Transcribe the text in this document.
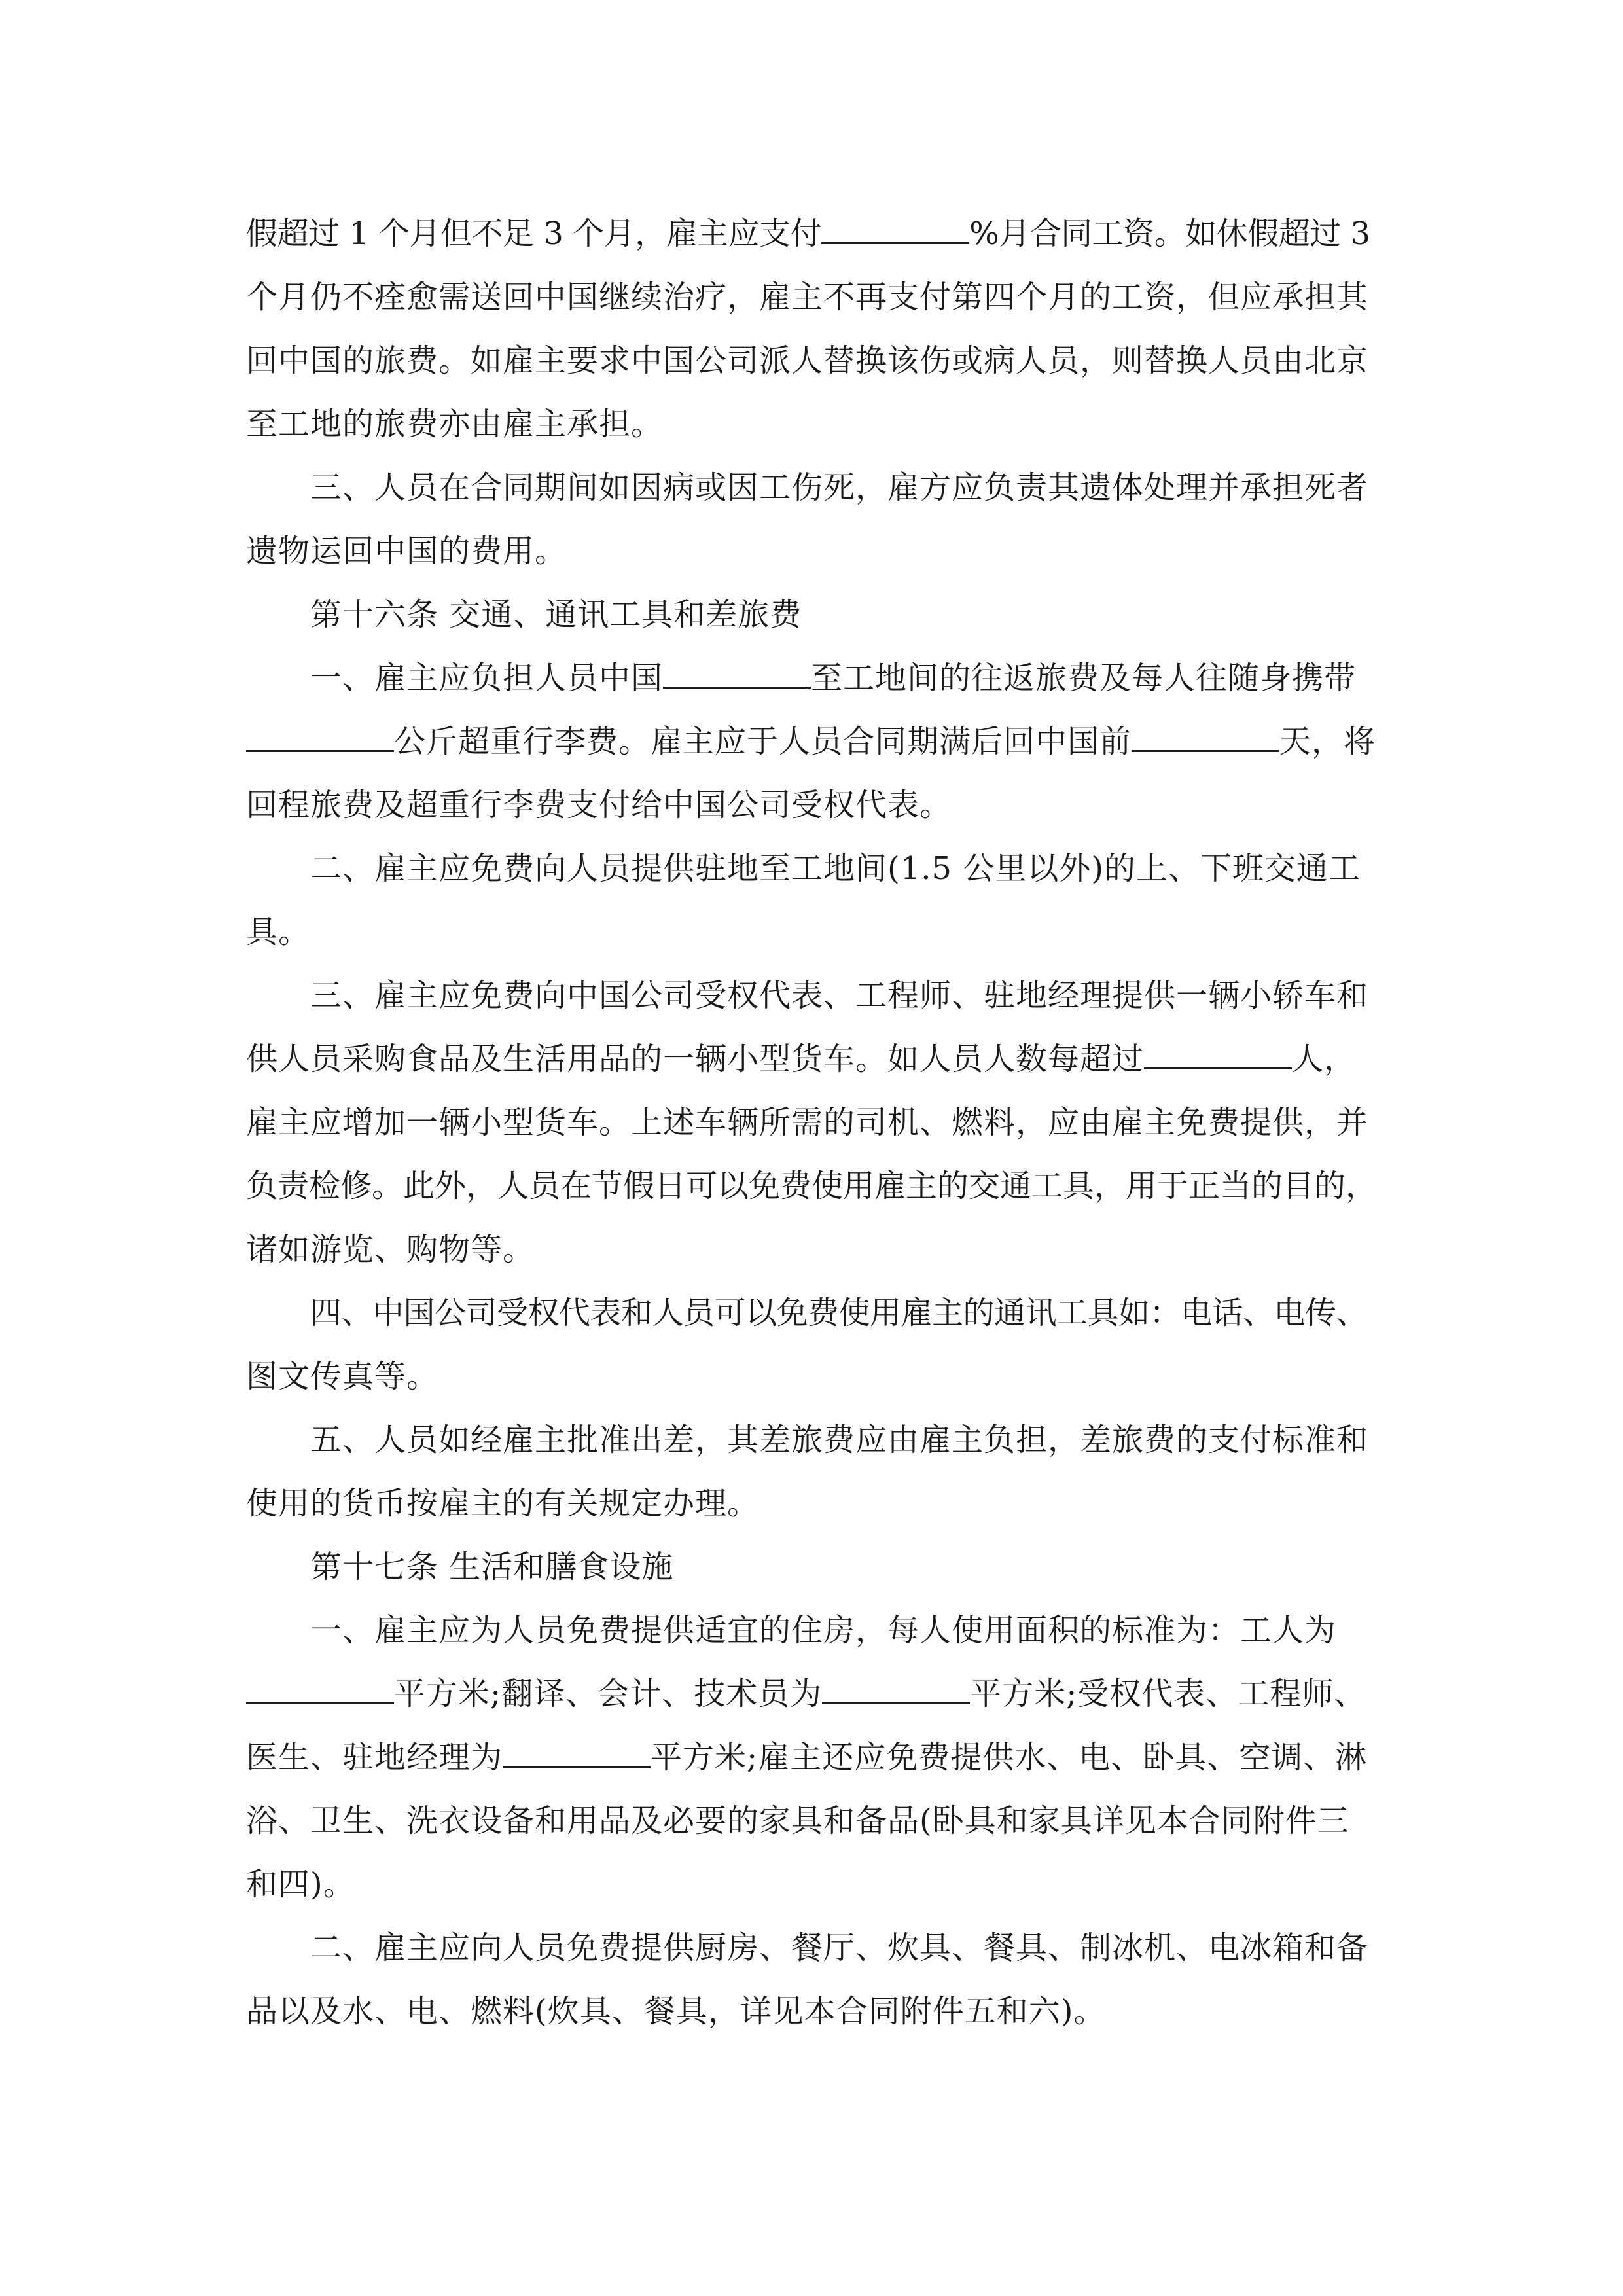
假超过 1 个月但不足 3 个月，雇主应支付	%月合同工资。如休假超过 3
个月仍不痊愈需送回中国继续治疗，雇主不再支付第四个月的工资，但应承担其
回中国的旅费。如雇主要求中国公司派人替换该伤或病人员，则替换人员由北京
至工地的旅费亦由雇主承担。
三、人员在合同期间如因病或因工伤死，雇方应负责其遗体处理并承担死者
遗物运回中国的费用。
第十六条 交通、通讯工具和差旅费
一、雇主应负担人员中国	至工地间的往返旅费及每人往随身携带
公斤超重行李费。雇主应于人员合同期满后回中国前	天，将
回程旅费及超重行李费支付给中国公司受权代表。
二、雇主应免费向人员提供驻地至工地间(1.5 公里以外)的上、下班交通工
具。
三、雇主应免费向中国公司受权代表、工程师、驻地经理提供一辆小轿车和
供人员采购食品及生活用品的一辆小型货车。如人员人数每超过	人，
雇主应增加一辆小型货车。上述车辆所需的司机、燃料，应由雇主免费提供，并
负责检修。此外，人员在节假日可以免费使用雇主的交通工具，用于正当的目的，
诸如游览、购物等。
四、中国公司受权代表和人员可以免费使用雇主的通讯工具如：电话、电传、
图文传真等。
五、人员如经雇主批准出差，其差旅费应由雇主负担，差旅费的支付标准和
使用的货币按雇主的有关规定办理。
第十七条 生活和膳食设施
一、雇主应为人员免费提供适宜的住房，每人使用面积的标准为：工人为
平方米;翻译、会计、技术员为	平方米;受权代表、工程师、
医生、驻地经理为	平方米;雇主还应免费提供水、电、卧具、空调、淋
浴、卫生、洗衣设备和用品及必要的家具和备品(卧具和家具详见本合同附件三
和四)。
二、雇主应向人员免费提供厨房、餐厅、炊具、餐具、制冰机、电冰箱和备
品以及水、电、燃料(炊具、餐具，详见本合同附件五和六)。
